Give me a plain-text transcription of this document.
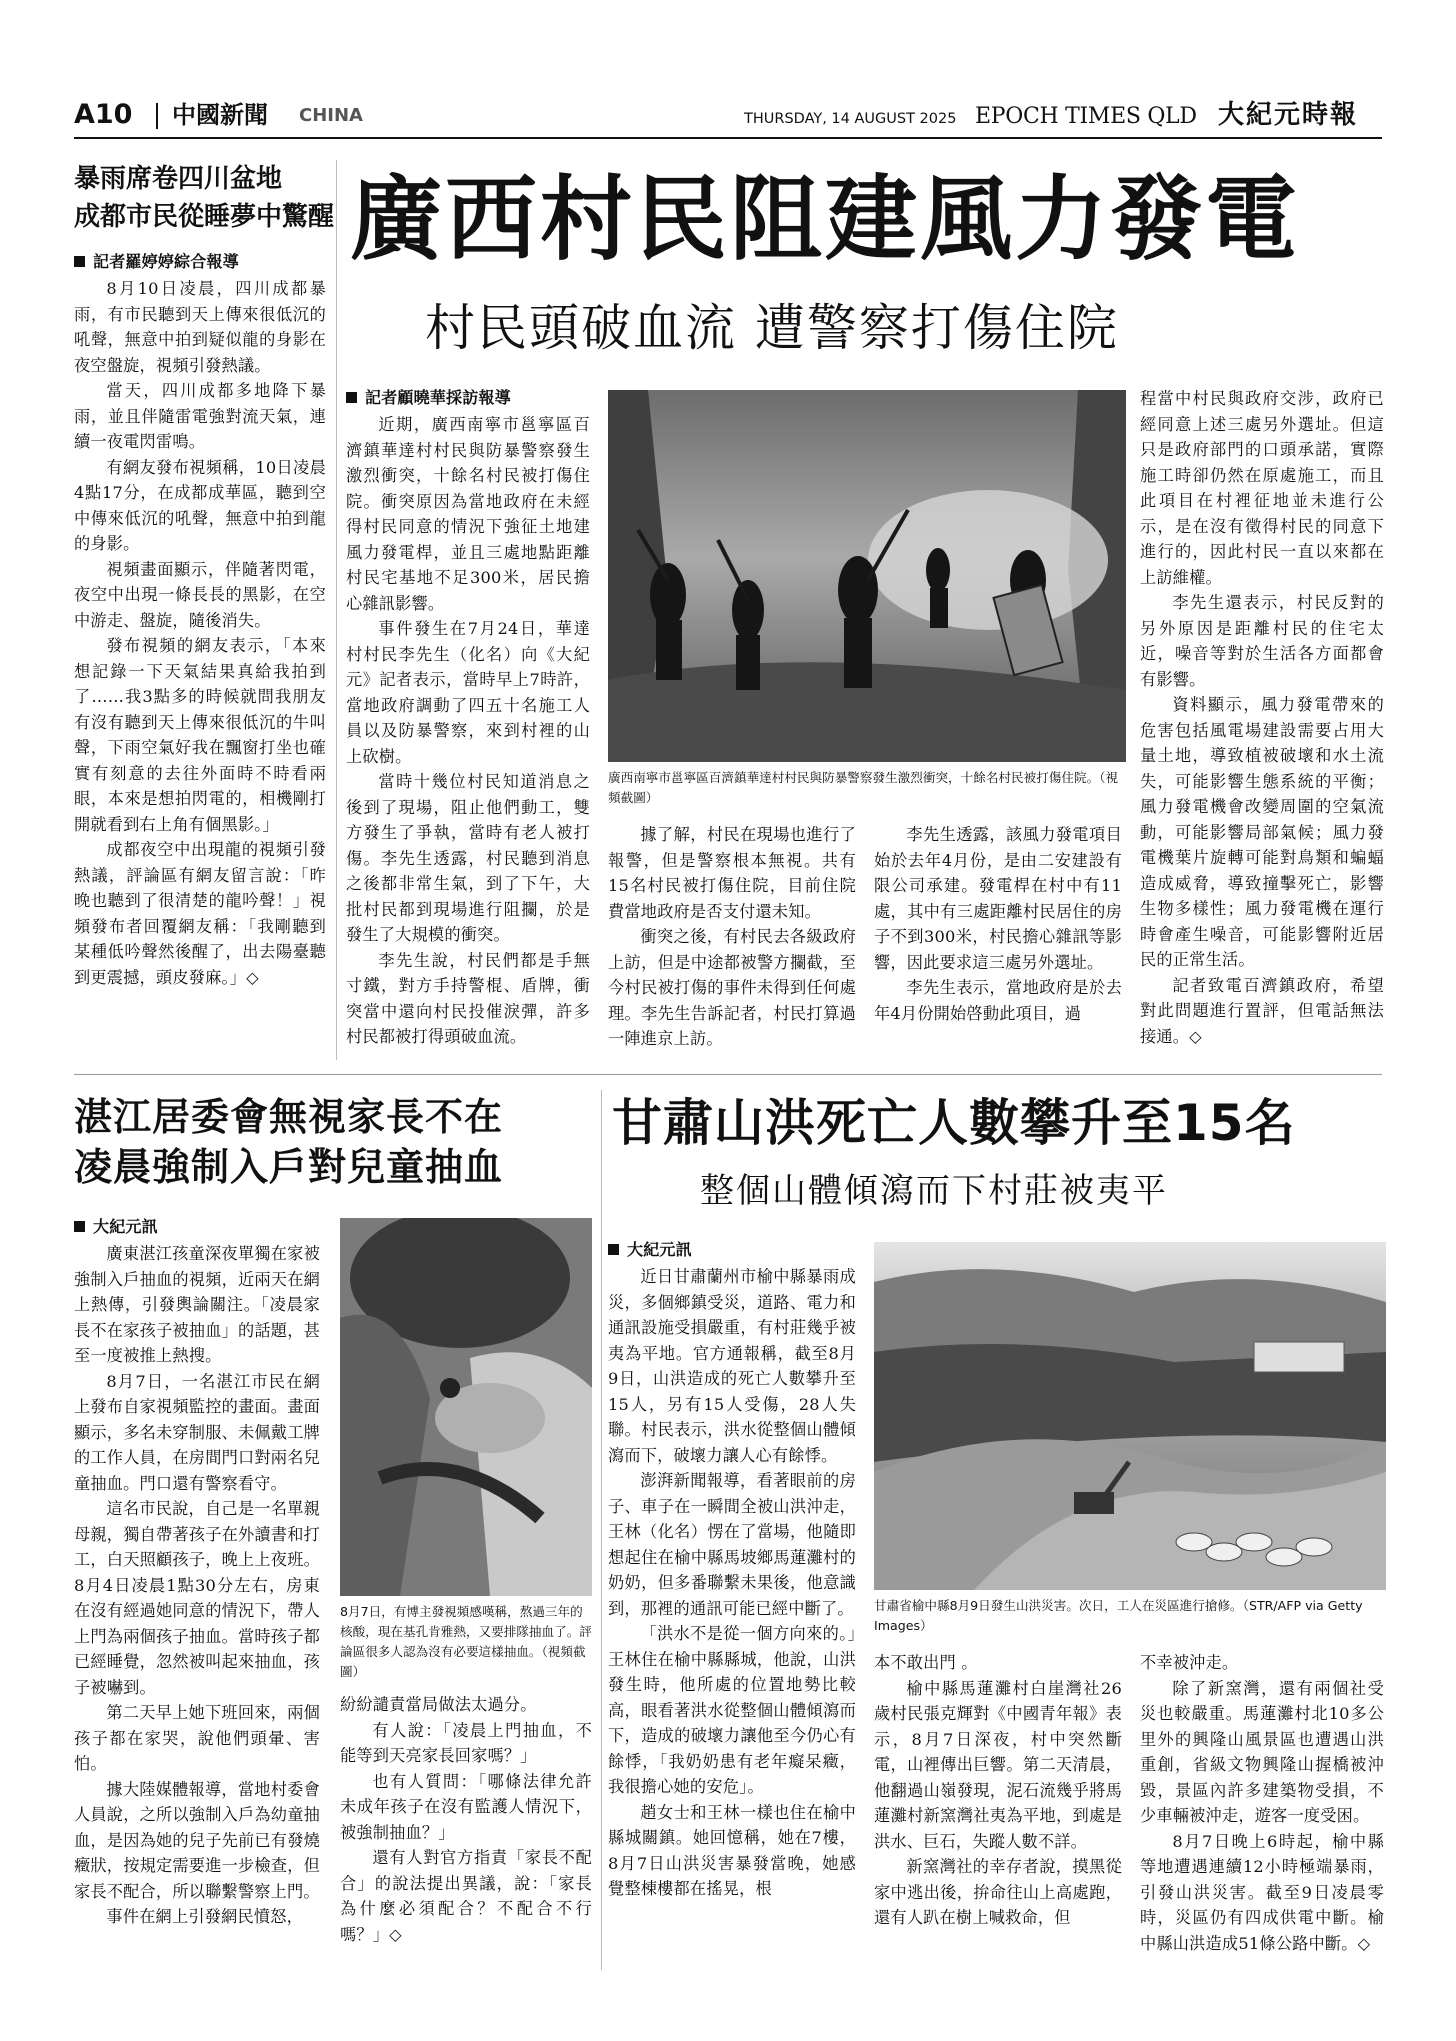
A10 中國新聞 CHINA	THURSDAY, 14 AUGUST 2025 EPOCH TIMES QLD 大紀元時報
暴雨席卷四川盆地
成都市民從睡夢中驚醒
記者羅婷婷綜合報導

8月10日凌晨，四川成都暴雨，有市民聽到天上傳來很低沉的吼聲，無意中拍到疑似龍的身影在夜空盤旋，視頻引發熱議。

當天，四川成都多地降下暴雨，並且伴隨雷電強對流天氣，連續一夜電閃雷鳴。

有網友發布視頻稱，10日凌晨4點17分，在成都成華區，聽到空中傳來低沉的吼聲，無意中拍到龍的身影。

視頻畫面顯示，伴隨著閃電，夜空中出現一條長長的黑影，在空中游走、盤旋，隨後消失。

發布視頻的網友表示，「本來想記錄一下天氣結果真給我拍到了……我3點多的時候就問我朋友有沒有聽到天上傳來很低沉的牛叫聲，下雨空氣好我在飄窗打坐也確實有刻意的去往外面時不時看兩眼，本來是想拍閃電的，相機剛打開就看到右上角有個黑影。」

成都夜空中出現龍的視頻引發熱議，評論區有網友留言說：「昨晚也聽到了很清楚的龍吟聲！」視頻發布者回覆網友稱：「我剛聽到某種低吟聲然後醒了，出去陽臺聽到更震撼，頭皮發麻。」◇

廣西村民阻建風力發電
村民頭破血流 遭警察打傷住院
記者顧曉華採訪報導

近期，廣西南寧市邕寧區百濟鎮華達村村民與防暴警察發生激烈衝突，十餘名村民被打傷住院。衝突原因為當地政府在未經得村民同意的情況下強征土地建風力發電桿，並且三處地點距離村民宅基地不足300米，居民擔心雜訊影響。

事件發生在7月24日，華達村村民李先生（化名）向《大紀元》記者表示，當時早上7時許，當地政府調動了四五十名施工人員以及防暴警察，來到村裡的山上砍樹。

當時十幾位村民知道消息之後到了現場，阻止他們動工，雙方發生了爭執，當時有老人被打傷。李先生透露，村民聽到消息之後都非常生氣，到了下午，大批村民都到現場進行阻攔，於是發生了大規模的衝突。

李先生說，村民們都是手無寸鐵，對方手持警棍、盾牌，衝突當中還向村民投催淚彈，許多村民都被打得頭破血流。

廣西南寧市邕寧區百濟鎮華達村村民與防暴警察發生激烈衝突，十餘名村民被打傷住院。（視頻截圖）

據了解，村民在現場也進行了報警，但是警察根本無視。共有15名村民被打傷住院，目前住院費當地政府是否支付還未知。

衝突之後，有村民去各級政府上訪，但是中途都被警方攔截，至今村民被打傷的事件未得到任何處理。李先生告訴記者，村民打算過一陣進京上訪。

李先生透露，該風力發電項目始於去年4月份，是由二安建設有限公司承建。發電桿在村中有11處，其中有三處距離村民居住的房子不到300米，村民擔心雜訊等影響，因此要求這三處另外選址。

李先生表示，當地政府是於去年4月份開始啓動此項目，過

程當中村民與政府交涉，政府已經同意上述三處另外選址。但這只是政府部門的口頭承諾，實際施工時卻仍然在原處施工，而且此項目在村裡征地並未進行公示，是在沒有徵得村民的同意下進行的，因此村民一直以來都在上訪維權。

李先生還表示，村民反對的另外原因是距離村民的住宅太近，噪音等對於生活各方面都會有影響。

資料顯示，風力發電帶來的危害包括風電場建設需要占用大量土地，導致植被破壞和水土流失，可能影響生態系統的平衡；風力發電機會改變周圍的空氣流動，可能影響局部氣候；風力發電機葉片旋轉可能對鳥類和蝙蝠造成威脅，導致撞擊死亡，影響生物多樣性；風力發電機在運行時會產生噪音，可能影響附近居民的正常生活。

記者致電百濟鎮政府，希望對此問題進行置評，但電話無法接通。◇

湛江居委會無視家長不在
凌晨強制入戶對兒童抽血
大紀元訊

廣東湛江孩童深夜單獨在家被強制入戶抽血的視頻，近兩天在網上熱傳，引發輿論關注。「凌晨家長不在家孩子被抽血」的話題，甚至一度被推上熱搜。

8月7日，一名湛江市民在網上發布自家視頻監控的畫面。畫面顯示，多名未穿制服、未佩戴工牌的工作人員，在房間門口對兩名兒童抽血。門口還有警察看守。

這名市民說，自己是一名單親母親，獨自帶著孩子在外讀書和打工，白天照顧孩子，晚上上夜班。8月4日凌晨1點30分左右，房東在沒有經過她同意的情況下，帶人上門為兩個孩子抽血。當時孩子都已經睡覺，忽然被叫起來抽血，孩子被嚇到。

第二天早上她下班回來，兩個孩子都在家哭，說他們頭暈、害怕。

據大陸媒體報導，當地村委會人員說，之所以強制入戶為幼童抽血，是因為她的兒子先前已有發燒癥狀，按規定需要進一步檢查，但家長不配合，所以聯繫警察上門。

事件在網上引發網民憤怒，

8月7日，有博主發視頻感嘆稱，熬過三年的核酸，現在基孔肯雅熱，又要排隊抽血了。評論區很多人認為沒有必要這樣抽血。（視頻截圖）

紛紛譴責當局做法太過分。

有人說：「凌晨上門抽血，不能等到天亮家長回家嗎？」

也有人質問：「哪條法律允許未成年孩子在沒有監護人情況下，被強制抽血？」

還有人對官方指責「家長不配合」的說法提出異議，說：「家長為什麼必須配合？不配合不行嗎？」◇

甘肅山洪死亡人數攀升至15名
整個山體傾瀉而下村莊被夷平
大紀元訊

近日甘肅蘭州市榆中縣暴雨成災，多個鄉鎮受災，道路、電力和通訊設施受損嚴重，有村莊幾乎被夷為平地。官方通報稱，截至8月9日，山洪造成的死亡人數攀升至15人，另有15人受傷，28人失聯。村民表示，洪水從整個山體傾瀉而下，破壞力讓人心有餘悸。

澎湃新聞報導，看著眼前的房子、車子在一瞬間全被山洪沖走，王林（化名）愣在了當場，他隨即想起住在榆中縣馬坡鄉馬蓮灘村的奶奶，但多番聯繫未果後，他意識到，那裡的通訊可能已經中斷了。

「洪水不是從一個方向來的。」王林住在榆中縣縣城，他說，山洪發生時，他所處的位置地勢比較高，眼看著洪水從整個山體傾瀉而下，造成的破壞力讓他至今仍心有餘悸，「我奶奶患有老年癡呆癥，我很擔心她的安危」。

趙女士和王林一樣也住在榆中縣城關鎮。她回憶稱，她在7樓，8月7日山洪災害暴發當晚，她感覺整棟樓都在搖晃，根

甘肅省榆中縣8月9日發生山洪災害。次日，工人在災區進行搶修。（STR/AFP via Getty Images）

本不敢出門 。

榆中縣馬蓮灘村白崖灣社26歲村民張克輝對《中國青年報》表示，8月7日深夜，村中突然斷電，山裡傳出巨響。第二天清晨，他翻過山嶺發現，泥石流幾乎將馬蓮灘村新窯灣社夷為平地，到處是洪水、巨石，失蹤人數不詳。

新窯灣社的幸存者說，摸黑從家中逃出後，拚命往山上高處跑，還有人趴在樹上喊救命，但

不幸被沖走。

除了新窯灣，還有兩個社受災也較嚴重。馬蓮灘村北10多公里外的興隆山風景區也遭遇山洪重創，省級文物興隆山握橋被沖毀，景區內許多建築物受損，不少車輛被沖走，遊客一度受困。

8月7日晚上6時起，榆中縣等地遭遇連續12小時極端暴雨，引發山洪災害。截至9日凌晨零時，災區仍有四成供電中斷。榆中縣山洪造成51條公路中斷。◇
